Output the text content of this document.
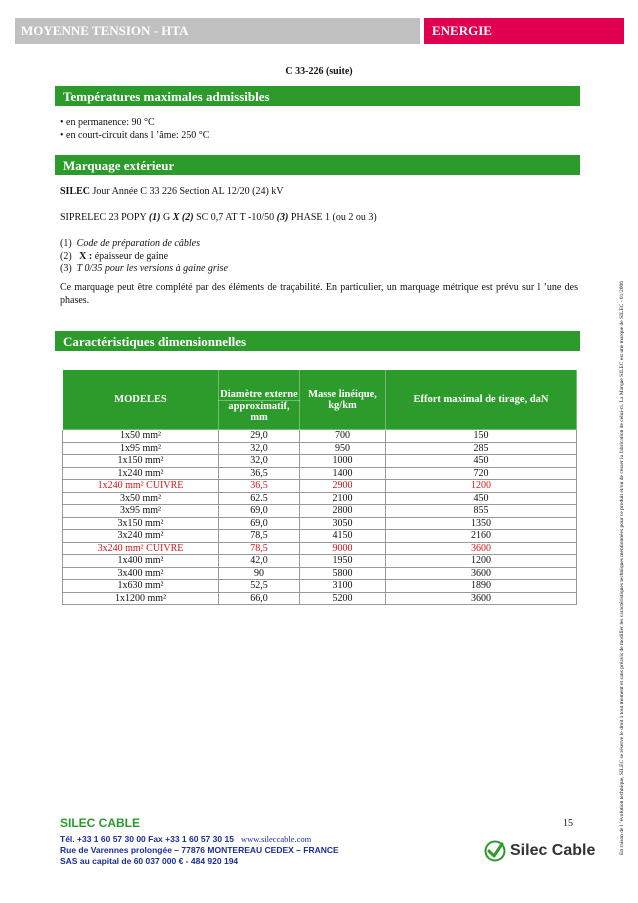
MOYENNE TENSION - HTA	ENERGIE
C 33-226 (suite)
Températures maximales admissibles
• en permanence: 90 °C
• en court-circuit dans l ’âme: 250 °C
Marquage extérieur
SILEC Jour Année C 33 226 Section AL 12/20 (24) kV
SIPRELEC 23 POPY (1) G X (2) SC 0,7 AT T -10/50 (3) PHASE 1 (ou 2 ou 3)
(1) Code de préparation de câbles
(2) X : épaisseur de gaine
(3) T 0/35 pour les versions à gaine grise
Ce marquage peut être complété par des éléments de traçabilité. En particulier, un marquage métrique est prévu sur l ’une des phases.
Caractéristiques dimensionnelles
MODELES	Diamètre externe	Masse linéique, kg/km	Effort maximal de tirage, daN
	approximatif, mm		
1x50 mm²	29,0	700	150
1x95 mm²	32,0	950	285
1x150 mm²	32,0	1000	450
1x240 mm²	36,5	1400	720
1x240 mm² CUIVRE	36,5	2900	1200
3x50 mm²	62.5	2100	450
3x95 mm²	69,0	2800	855
3x150 mm²	69,0	3050	1350
3x240 mm²	78,5	4150	2160
3x240 mm² CUIVRE	78,5	9000	3600
1x400 mm²	42,0	1950	1200
3x400 mm²	90	5800	3600
1x630 mm²	52,5	3100	1890
1x1200 mm²	66,0	5200	3600	En raison de l ’évolution technique, SILEC se réserve le droit à tout moment et sans préavis de modifier les caractéristiques techniques mentionnées pour ce produit et/ou de cesser la fabrication de celui-ci. La Marque SILEC est une marque de SILEC - 01/2006
SILEC CABLE	15
Tél. +33 1 60 57 30 00 Fax +33 1 60 57 30 15 www.sileccable.com
Rue de Varennes prolongée – 77876 MONTEREAU CEDEX – FRANCE
SAS au capital de 60 037 000 € - 484 920 194
Silec Cable
